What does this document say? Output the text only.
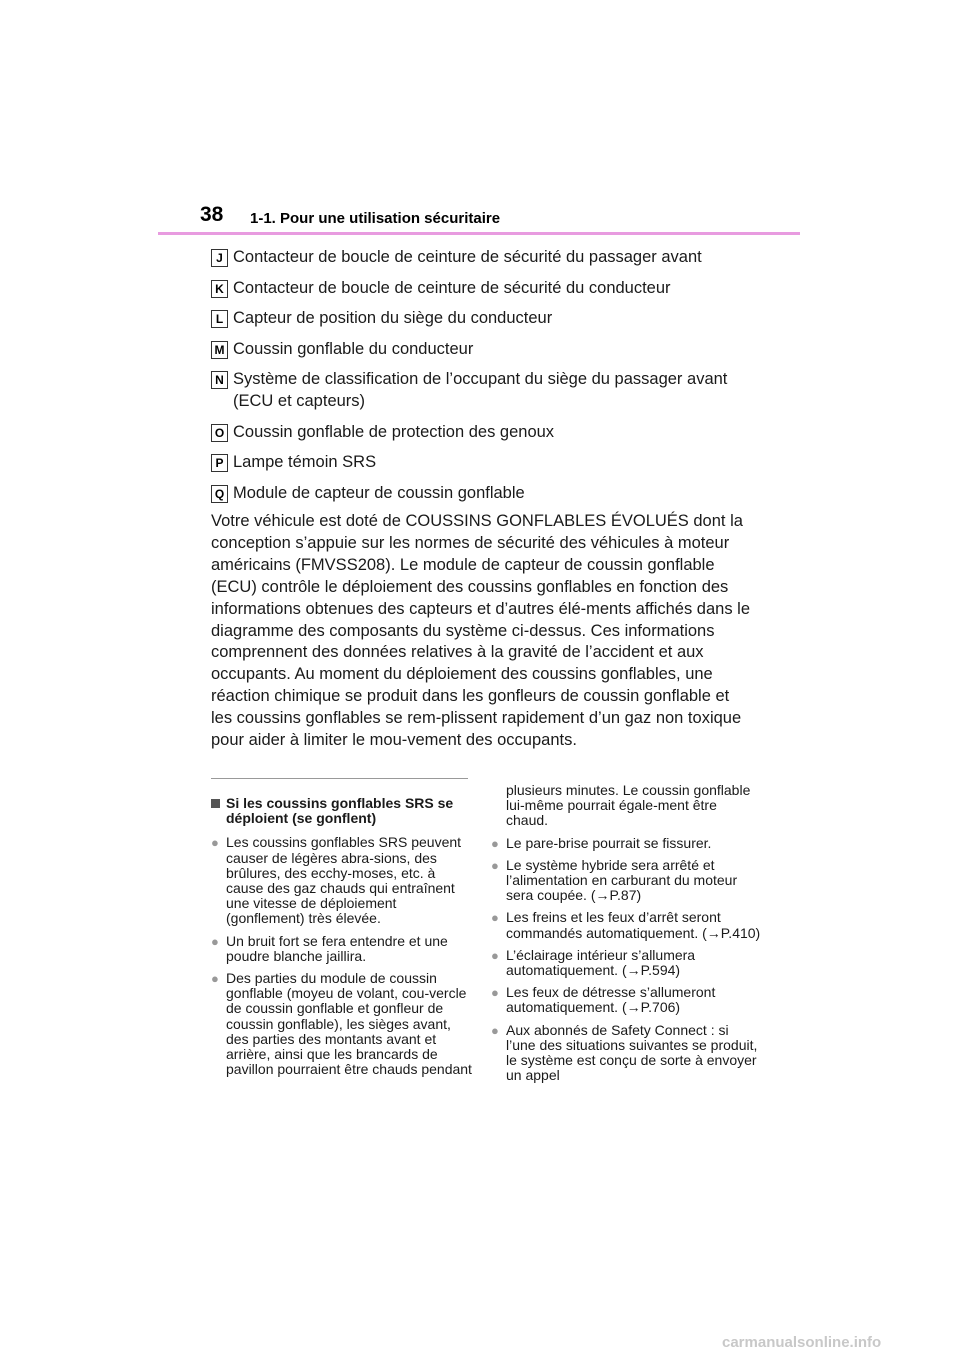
38 1-1. Pour une utilisation sécuritaire
J Contacteur de boucle de ceinture de sécurité du passager avant
K Contacteur de boucle de ceinture de sécurité du conducteur
L Capteur de position du siège du conducteur
M Coussin gonflable du conducteur
N Système de classification de l’occupant du siège du passager avant (ECU et capteurs)
O Coussin gonflable de protection des genoux
P Lampe témoin SRS
Q Module de capteur de coussin gonflable
Votre véhicule est doté de COUSSINS GONFLABLES ÉVOLUÉS dont la conception s’appuie sur les normes de sécurité des véhicules à moteur américains (FMVSS208). Le module de capteur de coussin gonflable (ECU) contrôle le déploiement des coussins gonflables en fonction des informations obtenues des capteurs et d’autres élé-ments affichés dans le diagramme des composants du système ci-dessus. Ces informations comprennent des données relatives à la gravité de l’accident et aux occupants. Au moment du déploiement des coussins gonflables, une réaction chimique se produit dans les gonfleurs de coussin gonflable et les coussins gonflables se rem-plissent rapidement d’un gaz non toxique pour aider à limiter le mou-vement des occupants.
Si les coussins gonflables SRS se déploient (se gonflent)
● Les coussins gonflables SRS peuvent causer de légères abra-sions, des brûlures, des ecchy-moses, etc. à cause des gaz chauds qui entraînent une vitesse de déploiement (gonflement) très élevée.
● Un bruit fort se fera entendre et une poudre blanche jaillira.
● Des parties du module de coussin gonflable (moyeu de volant, cou-vercle de coussin gonflable et gonfleur de coussin gonflable), les sièges avant, des parties des montants avant et arrière, ainsi que les brancards de pavillon pourraient être chauds pendant
plusieurs minutes. Le coussin gonflable lui-même pourrait égale-ment être chaud.
● Le pare-brise pourrait se fissurer.
● Le système hybride sera arrêté et l’alimentation en carburant du moteur sera coupée. (→P.87)
● Les freins et les feux d’arrêt seront commandés automatiquement. (→P.410)
● L’éclairage intérieur s’allumera automatiquement. (→P.594)
● Les feux de détresse s’allumeront automatiquement. (→P.706)
● Aux abonnés de Safety Connect : si l’une des situations suivantes se produit, le système est conçu de sorte à envoyer un appel
carmanualsonline.info
